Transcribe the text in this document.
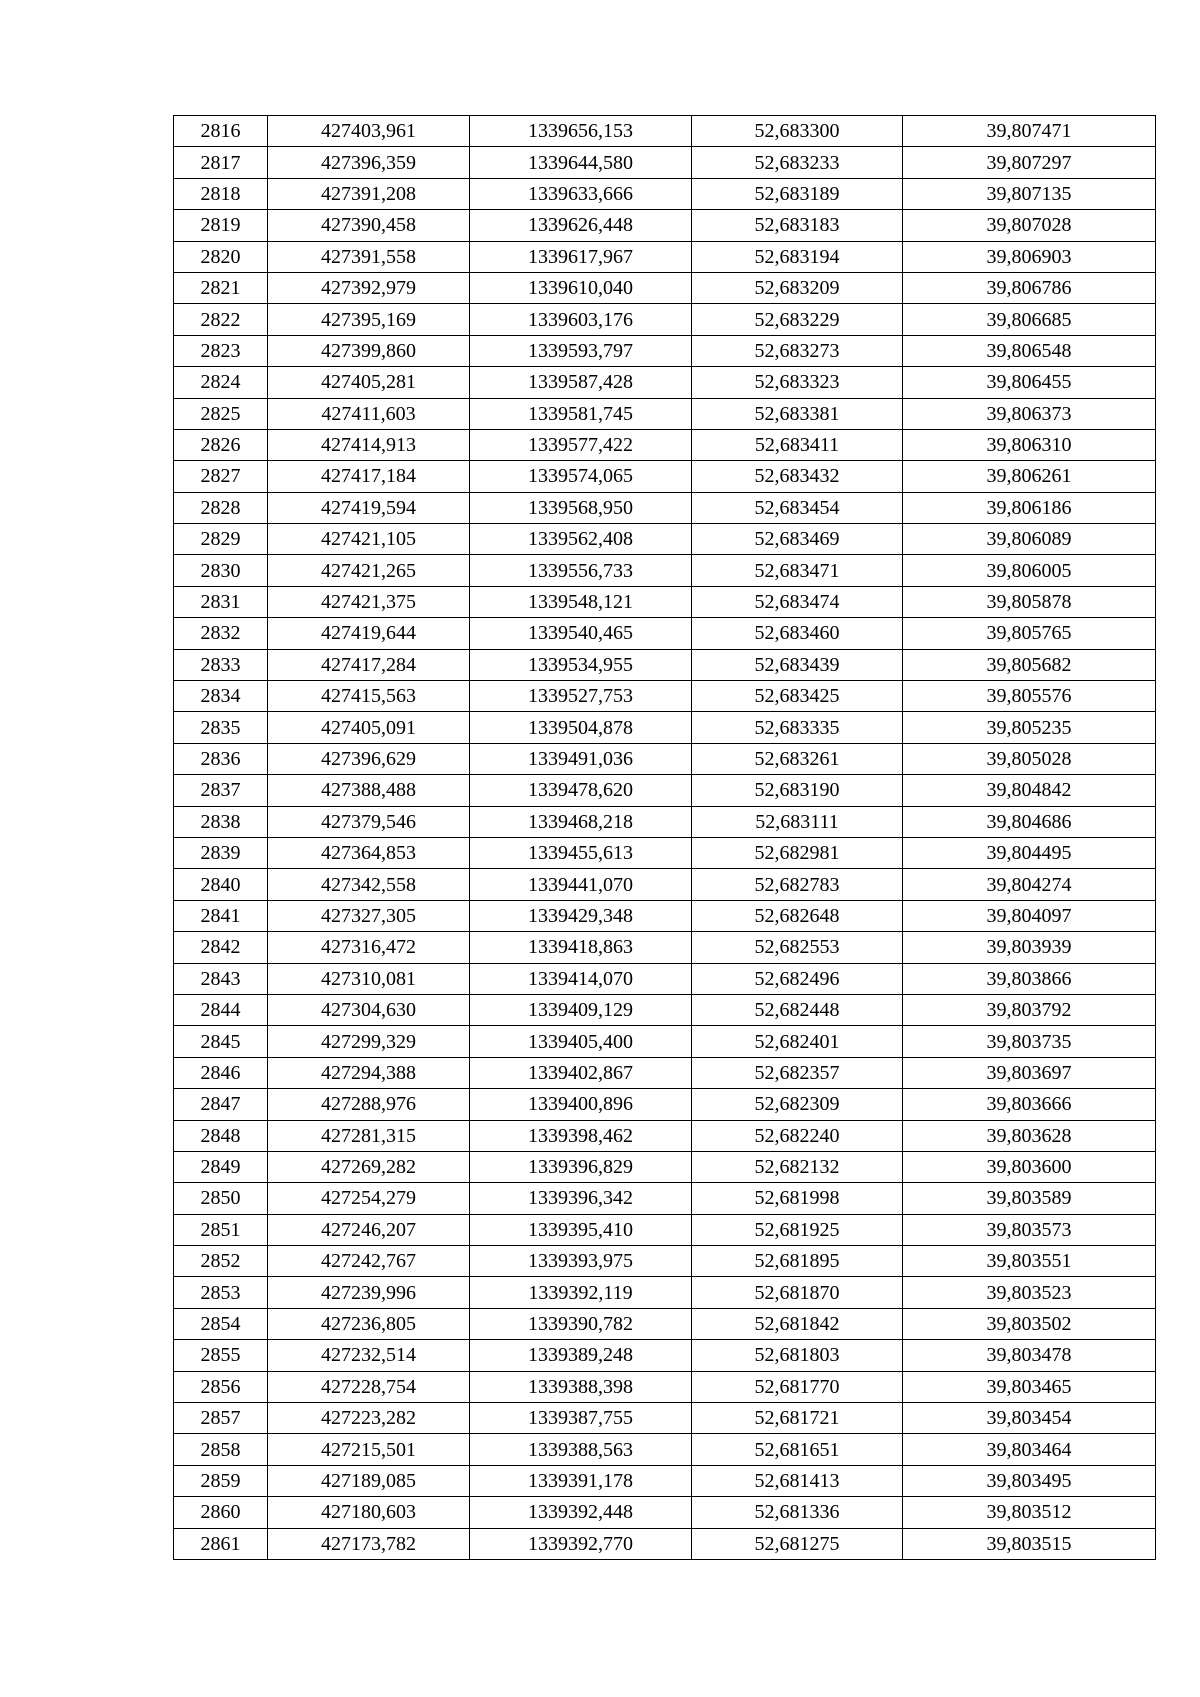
2816	427403,961	1339656,153	52,683300	39,807471
2817	427396,359	1339644,580	52,683233	39,807297
2818	427391,208	1339633,666	52,683189	39,807135
2819	427390,458	1339626,448	52,683183	39,807028
2820	427391,558	1339617,967	52,683194	39,806903
2821	427392,979	1339610,040	52,683209	39,806786
2822	427395,169	1339603,176	52,683229	39,806685
2823	427399,860	1339593,797	52,683273	39,806548
2824	427405,281	1339587,428	52,683323	39,806455
2825	427411,603	1339581,745	52,683381	39,806373
2826	427414,913	1339577,422	52,683411	39,806310
2827	427417,184	1339574,065	52,683432	39,806261
2828	427419,594	1339568,950	52,683454	39,806186
2829	427421,105	1339562,408	52,683469	39,806089
2830	427421,265	1339556,733	52,683471	39,806005
2831	427421,375	1339548,121	52,683474	39,805878
2832	427419,644	1339540,465	52,683460	39,805765
2833	427417,284	1339534,955	52,683439	39,805682
2834	427415,563	1339527,753	52,683425	39,805576
2835	427405,091	1339504,878	52,683335	39,805235
2836	427396,629	1339491,036	52,683261	39,805028
2837	427388,488	1339478,620	52,683190	39,804842
2838	427379,546	1339468,218	52,683111	39,804686
2839	427364,853	1339455,613	52,682981	39,804495
2840	427342,558	1339441,070	52,682783	39,804274
2841	427327,305	1339429,348	52,682648	39,804097
2842	427316,472	1339418,863	52,682553	39,803939
2843	427310,081	1339414,070	52,682496	39,803866
2844	427304,630	1339409,129	52,682448	39,803792
2845	427299,329	1339405,400	52,682401	39,803735
2846	427294,388	1339402,867	52,682357	39,803697
2847	427288,976	1339400,896	52,682309	39,803666
2848	427281,315	1339398,462	52,682240	39,803628
2849	427269,282	1339396,829	52,682132	39,803600
2850	427254,279	1339396,342	52,681998	39,803589
2851	427246,207	1339395,410	52,681925	39,803573
2852	427242,767	1339393,975	52,681895	39,803551
2853	427239,996	1339392,119	52,681870	39,803523
2854	427236,805	1339390,782	52,681842	39,803502
2855	427232,514	1339389,248	52,681803	39,803478
2856	427228,754	1339388,398	52,681770	39,803465
2857	427223,282	1339387,755	52,681721	39,803454
2858	427215,501	1339388,563	52,681651	39,803464
2859	427189,085	1339391,178	52,681413	39,803495
2860	427180,603	1339392,448	52,681336	39,803512
2861	427173,782	1339392,770	52,681275	39,803515
